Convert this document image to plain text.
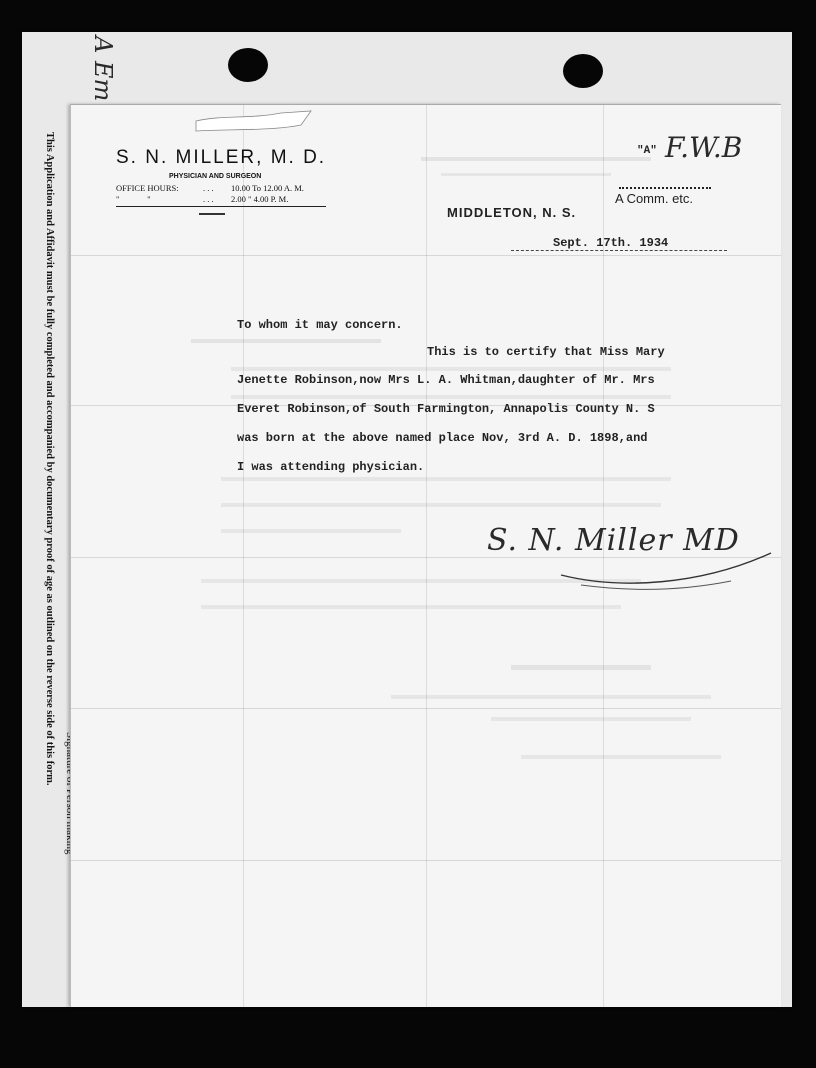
A Em
This Application and Affidavit must be fully completed and accompanied by documentary proof of age as outlined on the reverse side of this form.	S. N. MILLER, M. D.
PHYSICIAN AND SURGEON
OFFICE HOURS:	. . . 10.00 To 12.00 A. M.
"             "	. . . 2.00 " 4.00 P. M.
MIDDLETON, N. S.
Sept. 17th. 1934
"A" F.W.B
A Comm. etc.
To whom it may concern.
This is to certify that Miss Mary
Jenette Robinson,now Mrs L. A. Whitman,daughter of Mr. Mrs
Everet Robinson,of South Farmington, Annapolis County N. S
was born at the above named place Nov, 3rd A. D. 1898,and
I was attending physician.
S. N. Miller MD
